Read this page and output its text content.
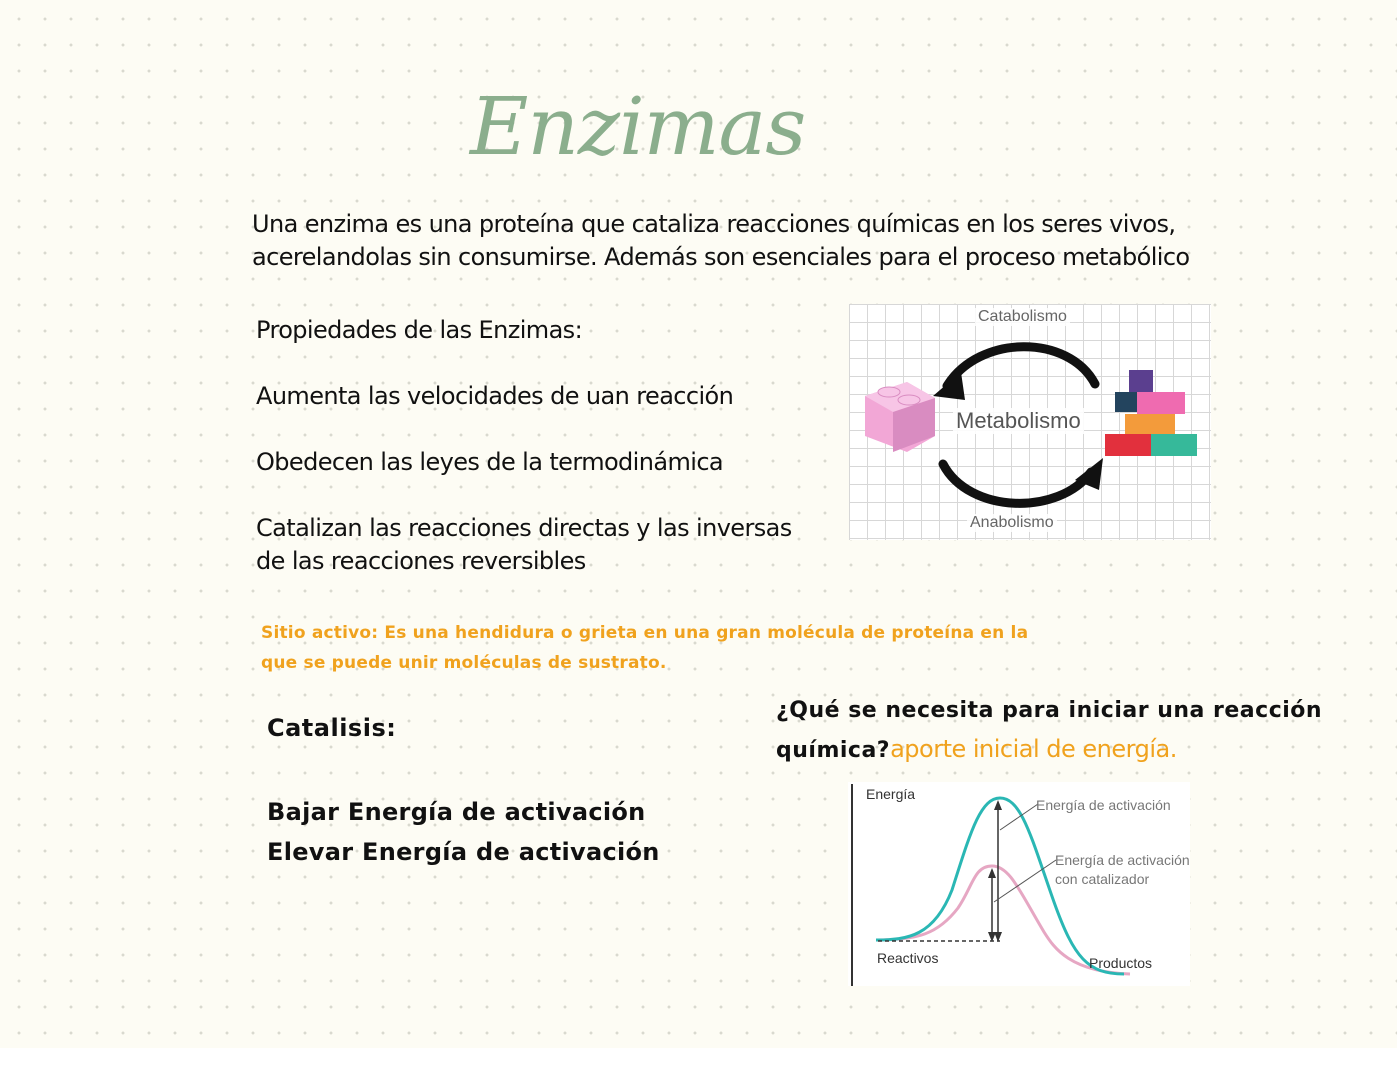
Enzimas
Una enzima es una proteína que cataliza reacciones químicas en los seres vivos,
acerelandolas sin consumirse. Además son esenciales para el proceso metabólico
Propiedades de las Enzimas:
Aumenta las velocidades de uan reacción
Obedecen las leyes de la termodinámica
Catalizan las reacciones directas y las inversas
de las reacciones reversibles
Catabolismo
Metabolismo
Anabolismo
Sitio activo: Es una hendidura o grieta en una gran molécula de proteína en la
que se puede unir moléculas de sustrato.
Catalisis:
Bajar Energía de activación
Elevar Energía de activación
¿Qué se necesita para iniciar una reacción
química?aporte inicial de energía.
Energía
Energía de activación
Energía de activación
con catalizador
Reactivos	Productos
